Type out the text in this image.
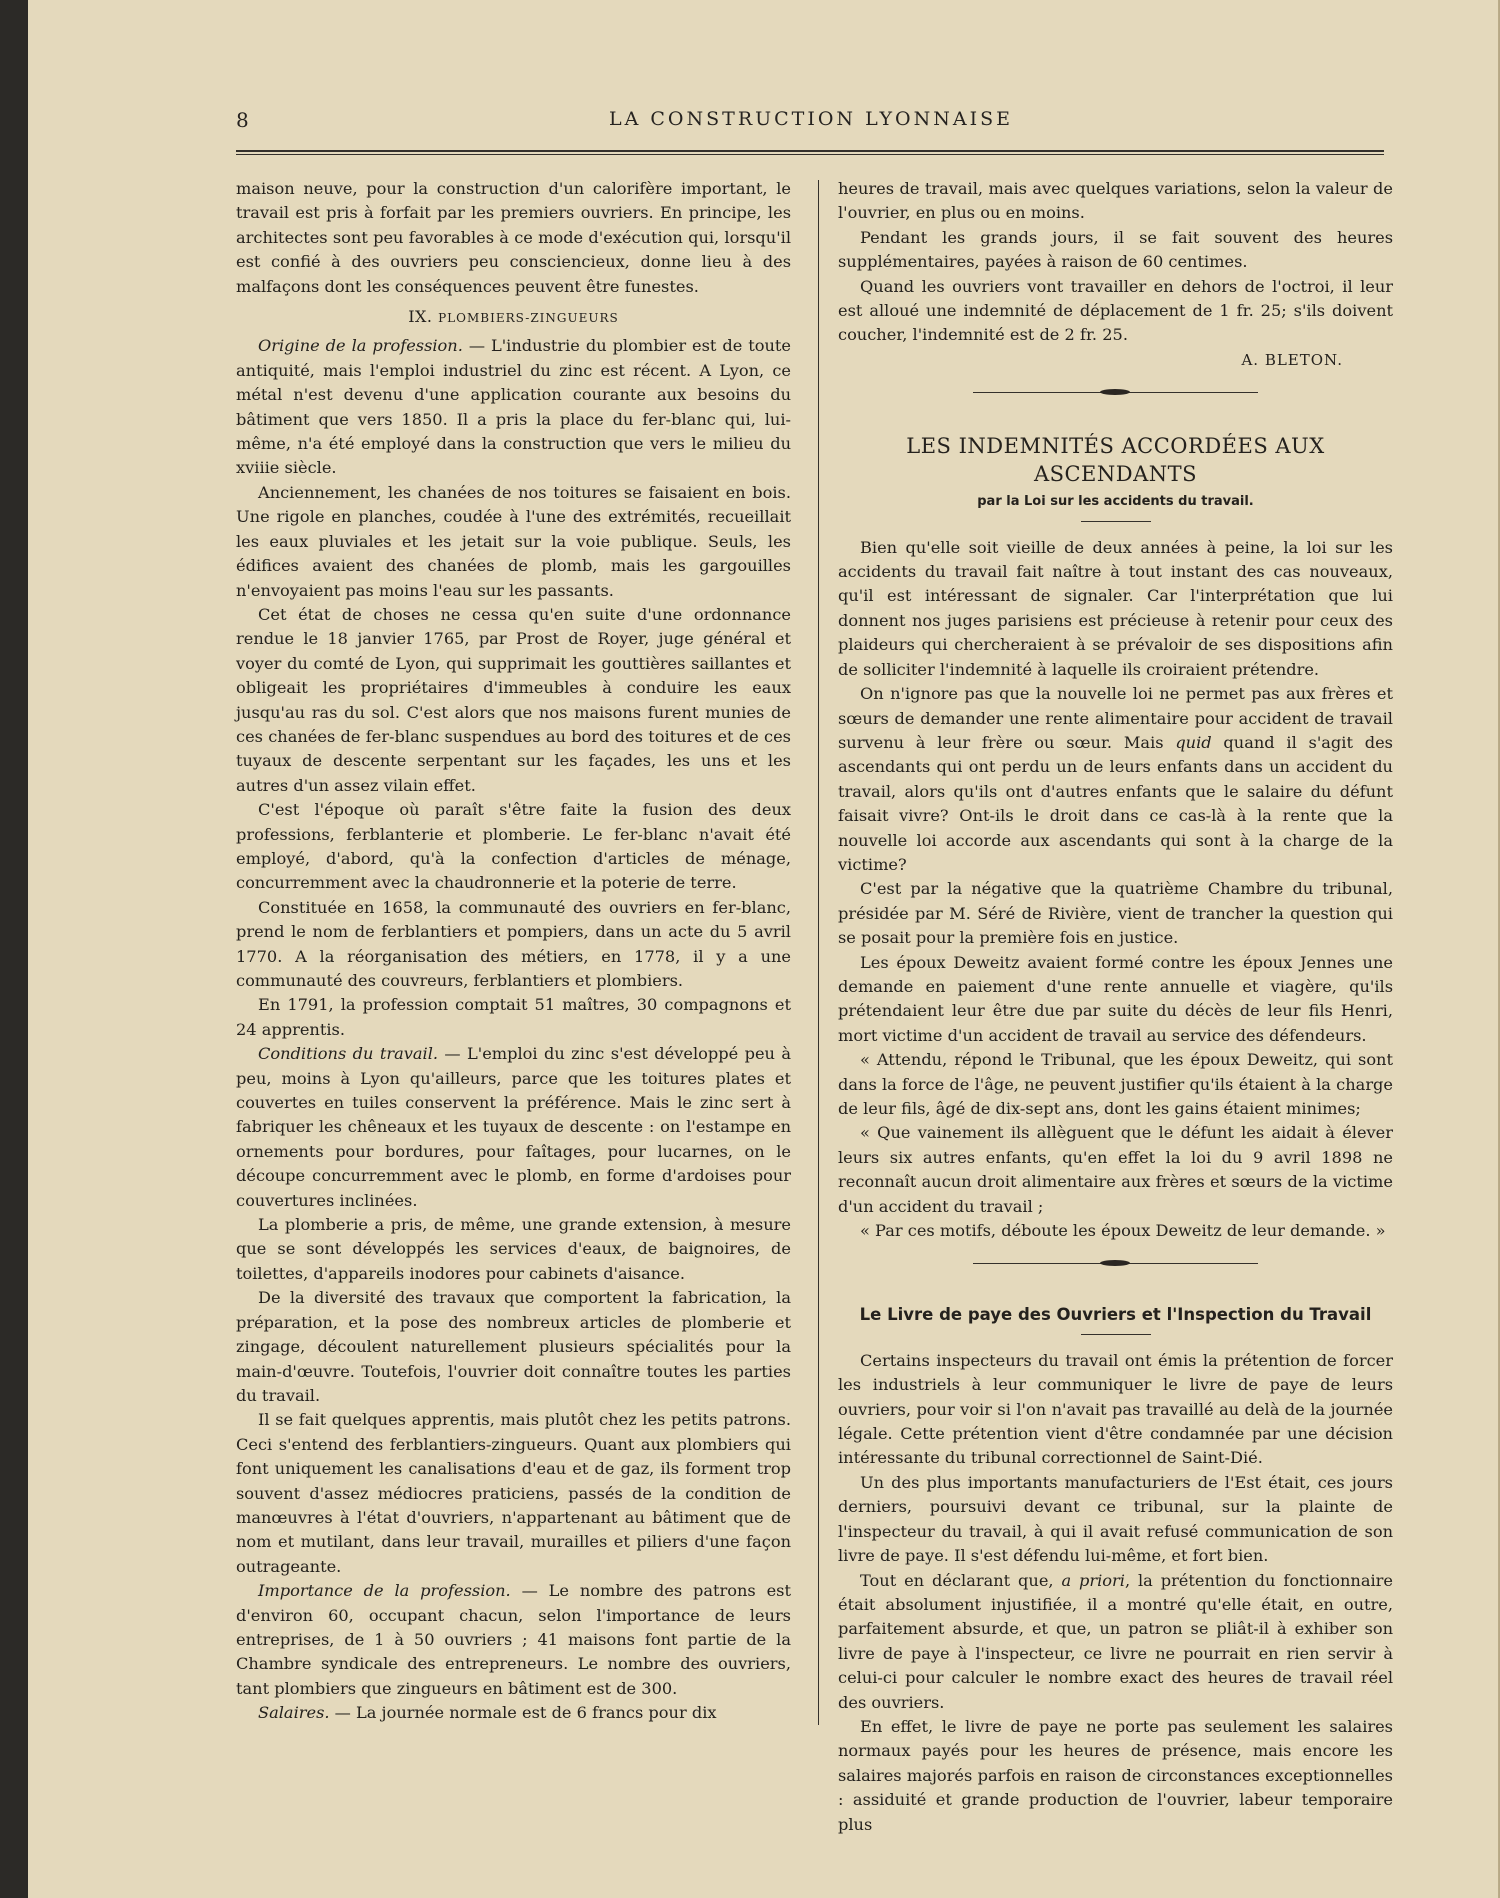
8	LA CONSTRUCTION LYONNAISE

maison neuve, pour la construction d'un calorifère important, le travail est pris à forfait par les premiers ouvriers. En principe, les architectes sont peu favorables à ce mode d'exécution qui, lorsqu'il est confié à des ouvriers peu consciencieux, donne lieu à des malfaçons dont les conséquences peuvent être funestes.

IX. PLOMBIERS-ZINGUEURS

Origine de la profession. — L'industrie du plombier est de toute antiquité, mais l'emploi industriel du zinc est récent. A Lyon, ce métal n'est devenu d'une application courante aux besoins du bâtiment que vers 1850. Il a pris la place du fer-blanc qui, lui-même, n'a été employé dans la construction que vers le milieu du xviiie siècle.

Anciennement, les chanées de nos toitures se faisaient en bois. Une rigole en planches, coudée à l'une des extrémités, recueillait les eaux pluviales et les jetait sur la voie publique. Seuls, les édifices avaient des chanées de plomb, mais les gargouilles n'envoyaient pas moins l'eau sur les passants.

Cet état de choses ne cessa qu'en suite d'une ordonnance rendue le 18 janvier 1765, par Prost de Royer, juge général et voyer du comté de Lyon, qui supprimait les gouttières saillantes et obligeait les propriétaires d'immeubles à conduire les eaux jusqu'au ras du sol. C'est alors que nos maisons furent munies de ces chanées de fer-blanc suspendues au bord des toitures et de ces tuyaux de descente serpentant sur les façades, les uns et les autres d'un assez vilain effet.

C'est l'époque où paraît s'être faite la fusion des deux professions, ferblanterie et plomberie. Le fer-blanc n'avait été employé, d'abord, qu'à la confection d'articles de ménage, concurremment avec la chaudronnerie et la poterie de terre.

Constituée en 1658, la communauté des ouvriers en fer-blanc, prend le nom de ferblantiers et pompiers, dans un acte du 5 avril 1770. A la réorganisation des métiers, en 1778, il y a une communauté des couvreurs, ferblantiers et plombiers.

En 1791, la profession comptait 51 maîtres, 30 compagnons et 24 apprentis.

Conditions du travail. — L'emploi du zinc s'est développé peu à peu, moins à Lyon qu'ailleurs, parce que les toitures plates et couvertes en tuiles conservent la préférence. Mais le zinc sert à fabriquer les chêneaux et les tuyaux de descente : on l'estampe en ornements pour bordures, pour faîtages, pour lucarnes, on le découpe concurremment avec le plomb, en forme d'ardoises pour couvertures inclinées.

La plomberie a pris, de même, une grande extension, à mesure que se sont développés les services d'eaux, de baignoires, de toilettes, d'appareils inodores pour cabinets d'aisance.

De la diversité des travaux que comportent la fabrication, la préparation, et la pose des nombreux articles de plomberie et zingage, découlent naturellement plusieurs spécialités pour la main-d'œuvre. Toutefois, l'ouvrier doit connaître toutes les parties du travail.

Il se fait quelques apprentis, mais plutôt chez les petits patrons. Ceci s'entend des ferblantiers-zingueurs. Quant aux plombiers qui font uniquement les canalisations d'eau et de gaz, ils forment trop souvent d'assez médiocres praticiens, passés de la condition de manœuvres à l'état d'ouvriers, n'appartenant au bâtiment que de nom et mutilant, dans leur travail, murailles et piliers d'une façon outrageante.

Importance de la profession. — Le nombre des patrons est d'environ 60, occupant chacun, selon l'importance de leurs entreprises, de 1 à 50 ouvriers ; 41 maisons font partie de la Chambre syndicale des entrepreneurs. Le nombre des ouvriers, tant plombiers que zingueurs en bâtiment est de 300.

Salaires. — La journée normale est de 6 francs pour dix

heures de travail, mais avec quelques variations, selon la valeur de l'ouvrier, en plus ou en moins.

Pendant les grands jours, il se fait souvent des heures supplémentaires, payées à raison de 60 centimes.

Quand les ouvriers vont travailler en dehors de l'octroi, il leur est alloué une indemnité de déplacement de 1 fr. 25; s'ils doivent coucher, l'indemnité est de 2 fr. 25.

A. BLETON.

LES INDEMNITÉS ACCORDÉES AUX ASCENDANTS

par la Loi sur les accidents du travail.

Bien qu'elle soit vieille de deux années à peine, la loi sur les accidents du travail fait naître à tout instant des cas nouveaux, qu'il est intéressant de signaler. Car l'interprétation que lui donnent nos juges parisiens est précieuse à retenir pour ceux des plaideurs qui chercheraient à se prévaloir de ses dispositions afin de solliciter l'indemnité à laquelle ils croiraient prétendre.

On n'ignore pas que la nouvelle loi ne permet pas aux frères et sœurs de demander une rente alimentaire pour accident de travail survenu à leur frère ou sœur. Mais quid quand il s'agit des ascendants qui ont perdu un de leurs enfants dans un accident du travail, alors qu'ils ont d'autres enfants que le salaire du défunt faisait vivre? Ont-ils le droit dans ce cas-là à la rente que la nouvelle loi accorde aux ascendants qui sont à la charge de la victime?

C'est par la négative que la quatrième Chambre du tribunal, présidée par M. Séré de Rivière, vient de trancher la question qui se posait pour la première fois en justice.

Les époux Deweitz avaient formé contre les époux Jennes une demande en paiement d'une rente annuelle et viagère, qu'ils prétendaient leur être due par suite du décès de leur fils Henri, mort victime d'un accident de travail au service des défendeurs.

« Attendu, répond le Tribunal, que les époux Deweitz, qui sont dans la force de l'âge, ne peuvent justifier qu'ils étaient à la charge de leur fils, âgé de dix-sept ans, dont les gains étaient minimes;

« Que vainement ils allèguent que le défunt les aidait à élever leurs six autres enfants, qu'en effet la loi du 9 avril 1898 ne reconnaît aucun droit alimentaire aux frères et sœurs de la victime d'un accident du travail ;

« Par ces motifs, déboute les époux Deweitz de leur demande. »

Le Livre de paye des Ouvriers et l'Inspection du Travail

Certains inspecteurs du travail ont émis la prétention de forcer les industriels à leur communiquer le livre de paye de leurs ouvriers, pour voir si l'on n'avait pas travaillé au delà de la journée légale. Cette prétention vient d'être condamnée par une décision intéressante du tribunal correctionnel de Saint-Dié.

Un des plus importants manufacturiers de l'Est était, ces jours derniers, poursuivi devant ce tribunal, sur la plainte de l'inspecteur du travail, à qui il avait refusé communication de son livre de paye. Il s'est défendu lui-même, et fort bien.

Tout en déclarant que, a priori, la prétention du fonctionnaire était absolument injustifiée, il a montré qu'elle était, en outre, parfaitement absurde, et que, un patron se pliât-il à exhiber son livre de paye à l'inspecteur, ce livre ne pourrait en rien servir à celui-ci pour calculer le nombre exact des heures de travail réel des ouvriers.

En effet, le livre de paye ne porte pas seulement les salaires normaux payés pour les heures de présence, mais encore les salaires majorés parfois en raison de circonstances exceptionnelles : assiduité et grande production de l'ouvrier, labeur temporaire plus
